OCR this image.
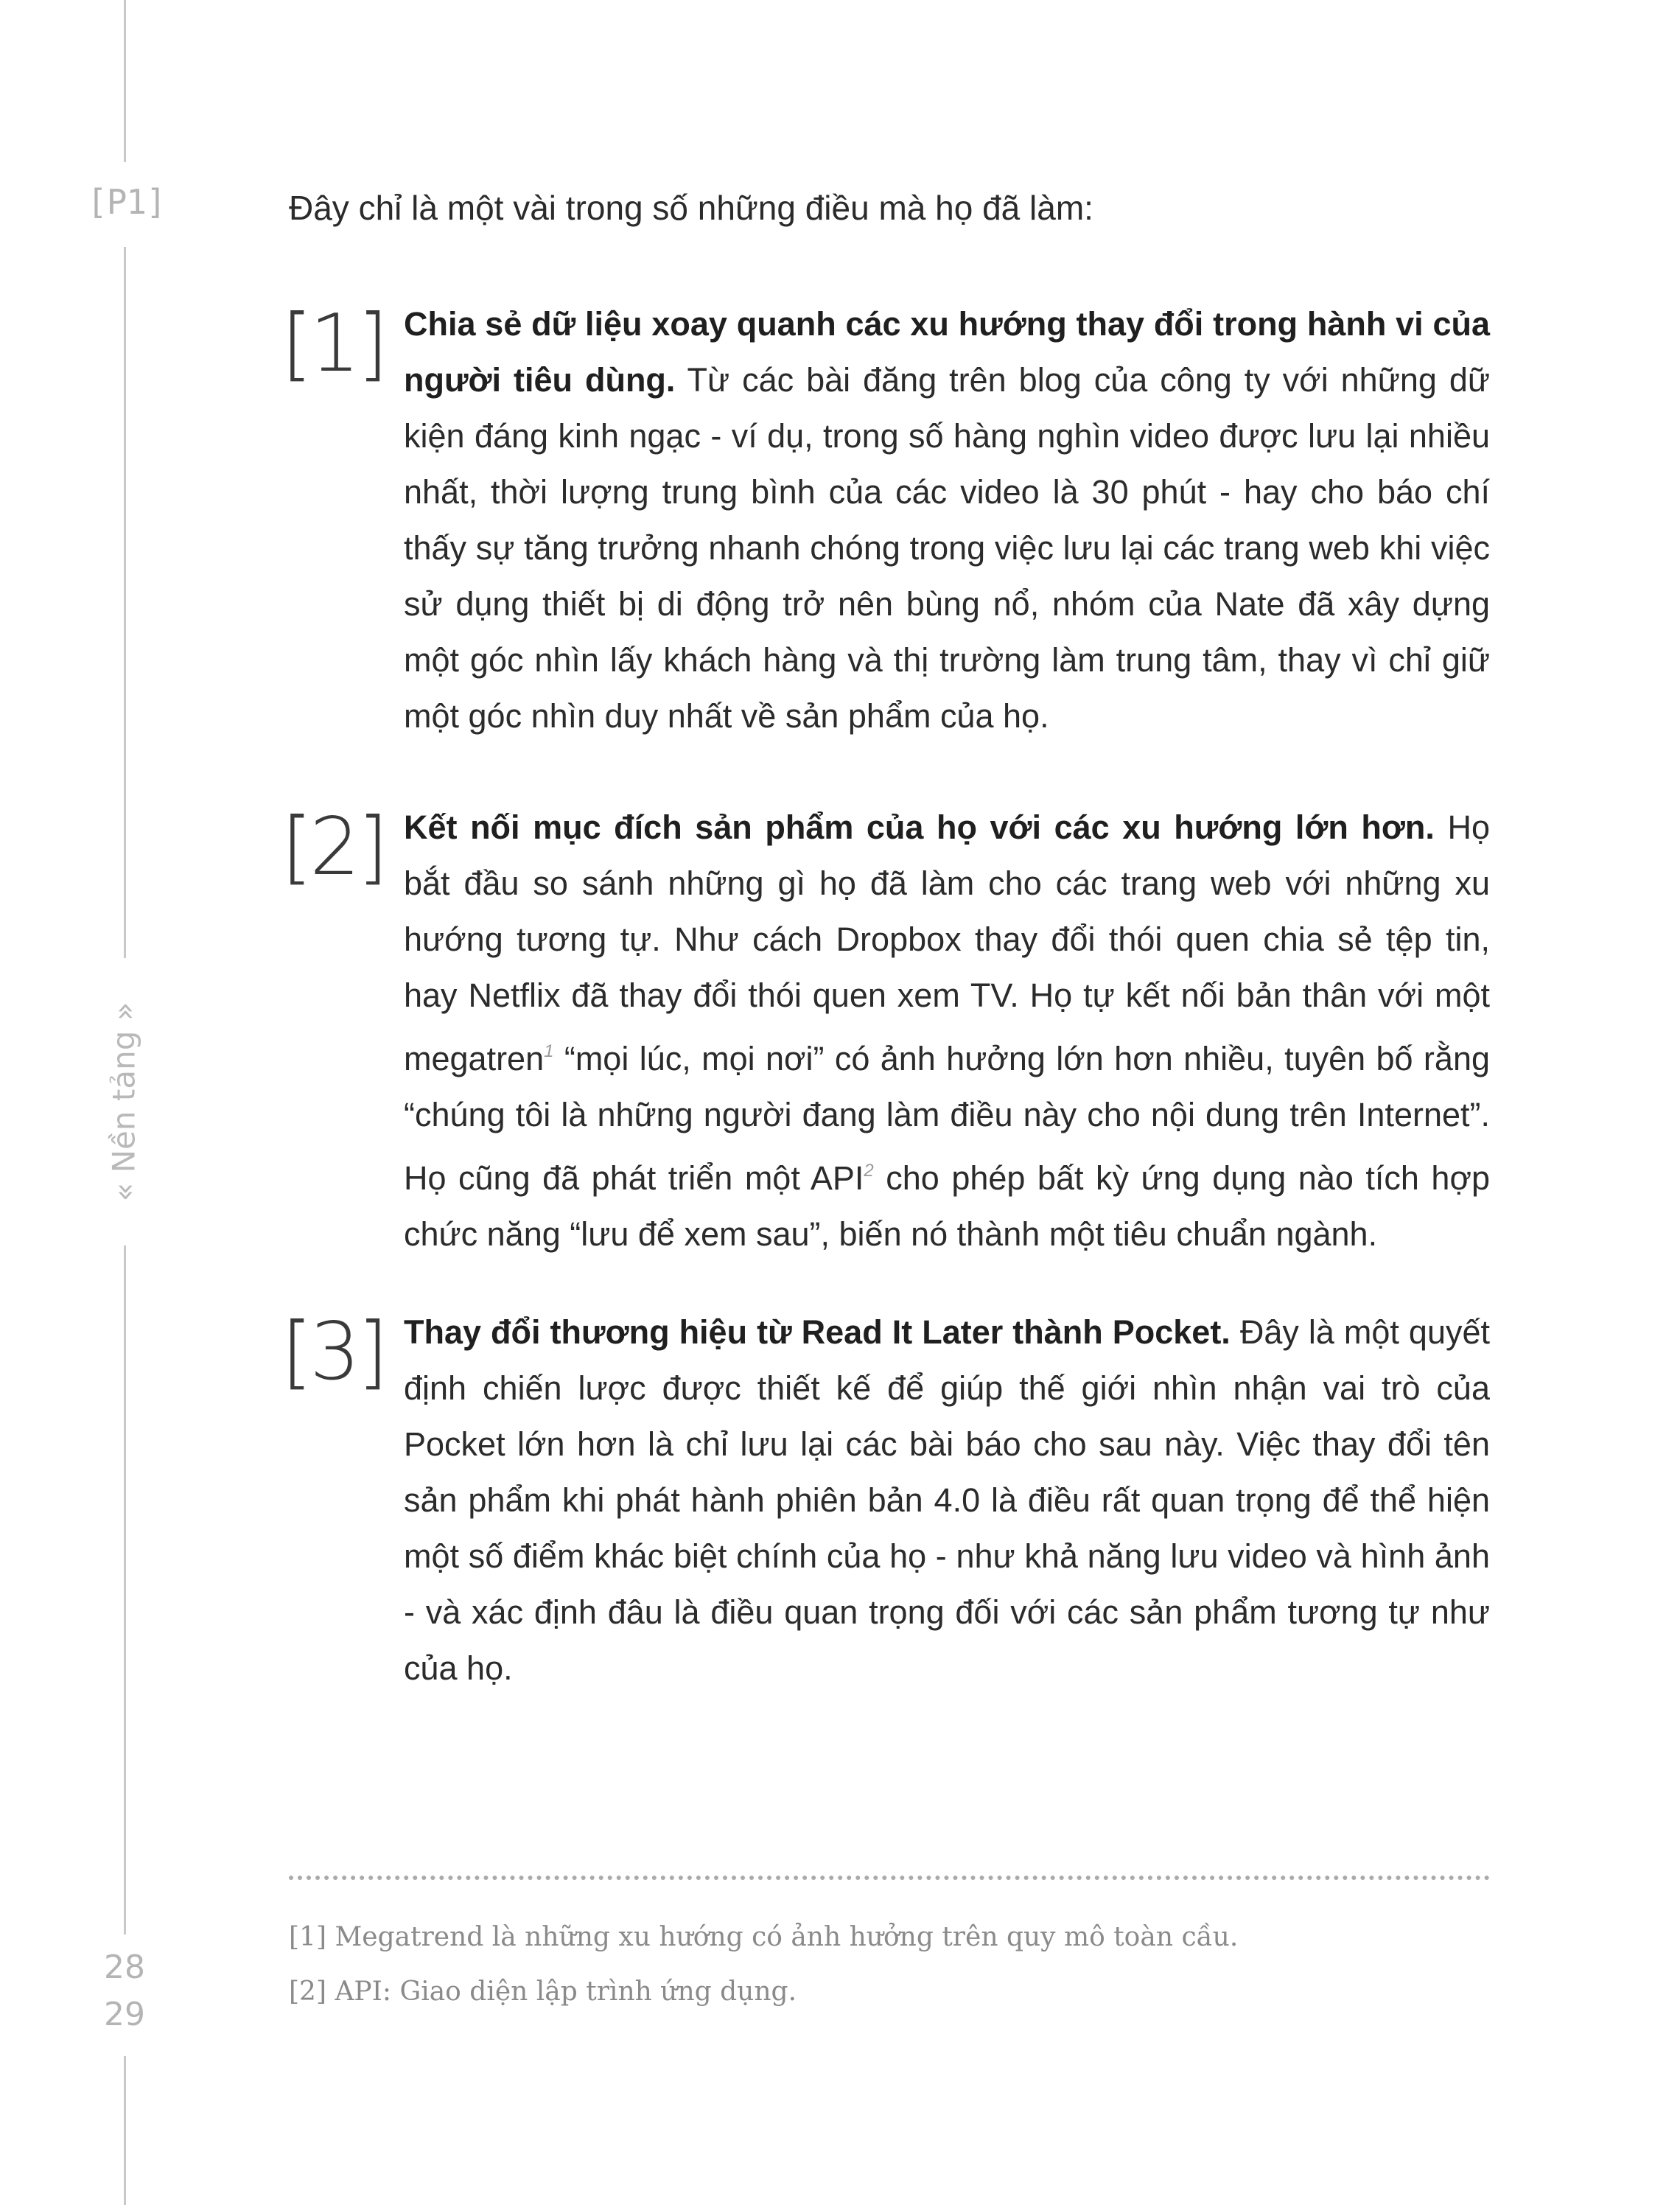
[P1]
« Nền tảng »
28
29
Đây chỉ là một vài trong số những điều mà họ đã làm:
[1] Chia sẻ dữ liệu xoay quanh các xu hướng thay đổi trong hành vi của người tiêu dùng. Từ các bài đăng trên blog của công ty với những dữ kiện đáng kinh ngạc - ví dụ, trong số hàng nghìn video được lưu lại nhiều nhất, thời lượng trung bình của các video là 30 phút - hay cho báo chí thấy sự tăng trưởng nhanh chóng trong việc lưu lại các trang web khi việc sử dụng thiết bị di động trở nên bùng nổ, nhóm của Nate đã xây dựng một góc nhìn lấy khách hàng và thị trường làm trung tâm, thay vì chỉ giữ một góc nhìn duy nhất về sản phẩm của họ.
[2] Kết nối mục đích sản phẩm của họ với các xu hướng lớn hơn. Họ bắt đầu so sánh những gì họ đã làm cho các trang web với những xu hướng tương tự. Như cách Dropbox thay đổi thói quen chia sẻ tệp tin, hay Netflix đã thay đổi thói quen xem TV. Họ tự kết nối bản thân với một megatren$^1$ “mọi lúc, mọi nơi” có ảnh hưởng lớn hơn nhiều, tuyên bố rằng “chúng tôi là những người đang làm điều này cho nội dung trên Internet”. Họ cũng đã phát triển một API$^2$ cho phép bất kỳ ứng dụng nào tích hợp chức năng “lưu để xem sau”, biến nó thành một tiêu chuẩn ngành.
[3] Thay đổi thương hiệu từ Read It Later thành Pocket. Đây là một quyết định chiến lược được thiết kế để giúp thế giới nhìn nhận vai trò của Pocket lớn hơn là chỉ lưu lại các bài báo cho sau này. Việc thay đổi tên sản phẩm khi phát hành phiên bản 4.0 là điều rất quan trọng để thể hiện một số điểm khác biệt chính của họ - như khả năng lưu video và hình ảnh - và xác định đâu là điều quan trọng đối với các sản phẩm tương tự như của họ.
[1] Megatrend là những xu hướng có ảnh hưởng trên quy mô toàn cầu.
[2] API: Giao diện lập trình ứng dụng.
